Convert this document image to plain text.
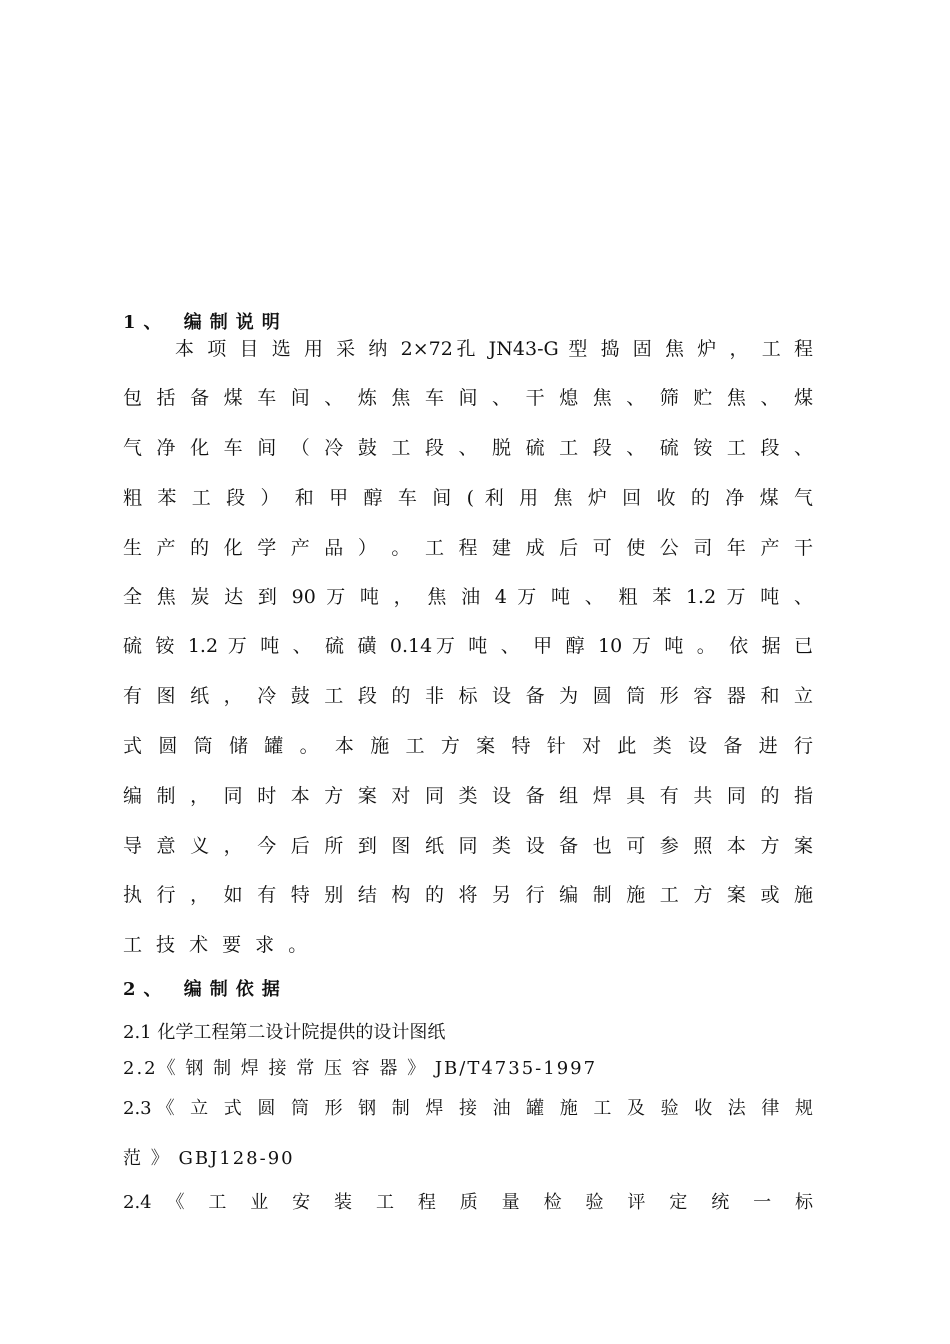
1、 编制说明
本 项 目 选 用 采 纳 2×72孔 JN43-G 型 捣 固 焦 炉 ， 工 程
包 括 备 煤 车 间 、 炼 焦 车 间 、 干 熄 焦 、 筛 贮 焦 、 煤
气 净 化 车 间 （ 冷 鼓 工 段 、 脱 硫 工 段 、 硫 铵 工 段 、
粗 苯 工 段 ） 和 甲 醇 车 间 ( 利 用 焦 炉 回 收 的 净 煤 气
生 产 的 化 学 产 品 ） 。 工 程 建 成 后 可 使 公 司 年 产 干
全 焦 炭 达 到 90 万 吨 ， 焦 油 4 万 吨 、 粗 苯 1.2 万 吨 、
硫 铵 1.2 万 吨 、 硫 磺 0.14万 吨 、 甲 醇 10 万 吨 。 依 据 已
有 图 纸 ， 冷 鼓 工 段 的 非 标 设 备 为 圆 筒 形 容 器 和 立
式 圆 筒 储 罐 。 本 施 工 方 案 特 针 对 此 类 设 备 进 行
编 制 ， 同 时 本 方 案 对 同 类 设 备 组 焊 具 有 共 同 的 指
导 意 义 ， 今 后 所 到 图 纸 同 类 设 备 也 可 参 照 本 方 案
执 行 ， 如 有 特 别 结 构 的 将 另 行 编 制 施 工 方 案 或 施
工 技 术 要 求 。
2、 编制依据
2.1 化学工程第二设计院提供的设计图纸
2.2《 钢 制 焊 接 常 压 容 器 》 JB/T4735-1997
2.3《 立 式 圆 筒 形 钢 制 焊 接 油 罐 施 工 及 验 收 法 律 规
范 》 GBJ128-90
2.4 《 工 业 安 装 工 程 质 量 检 验 评 定 统 一 标
